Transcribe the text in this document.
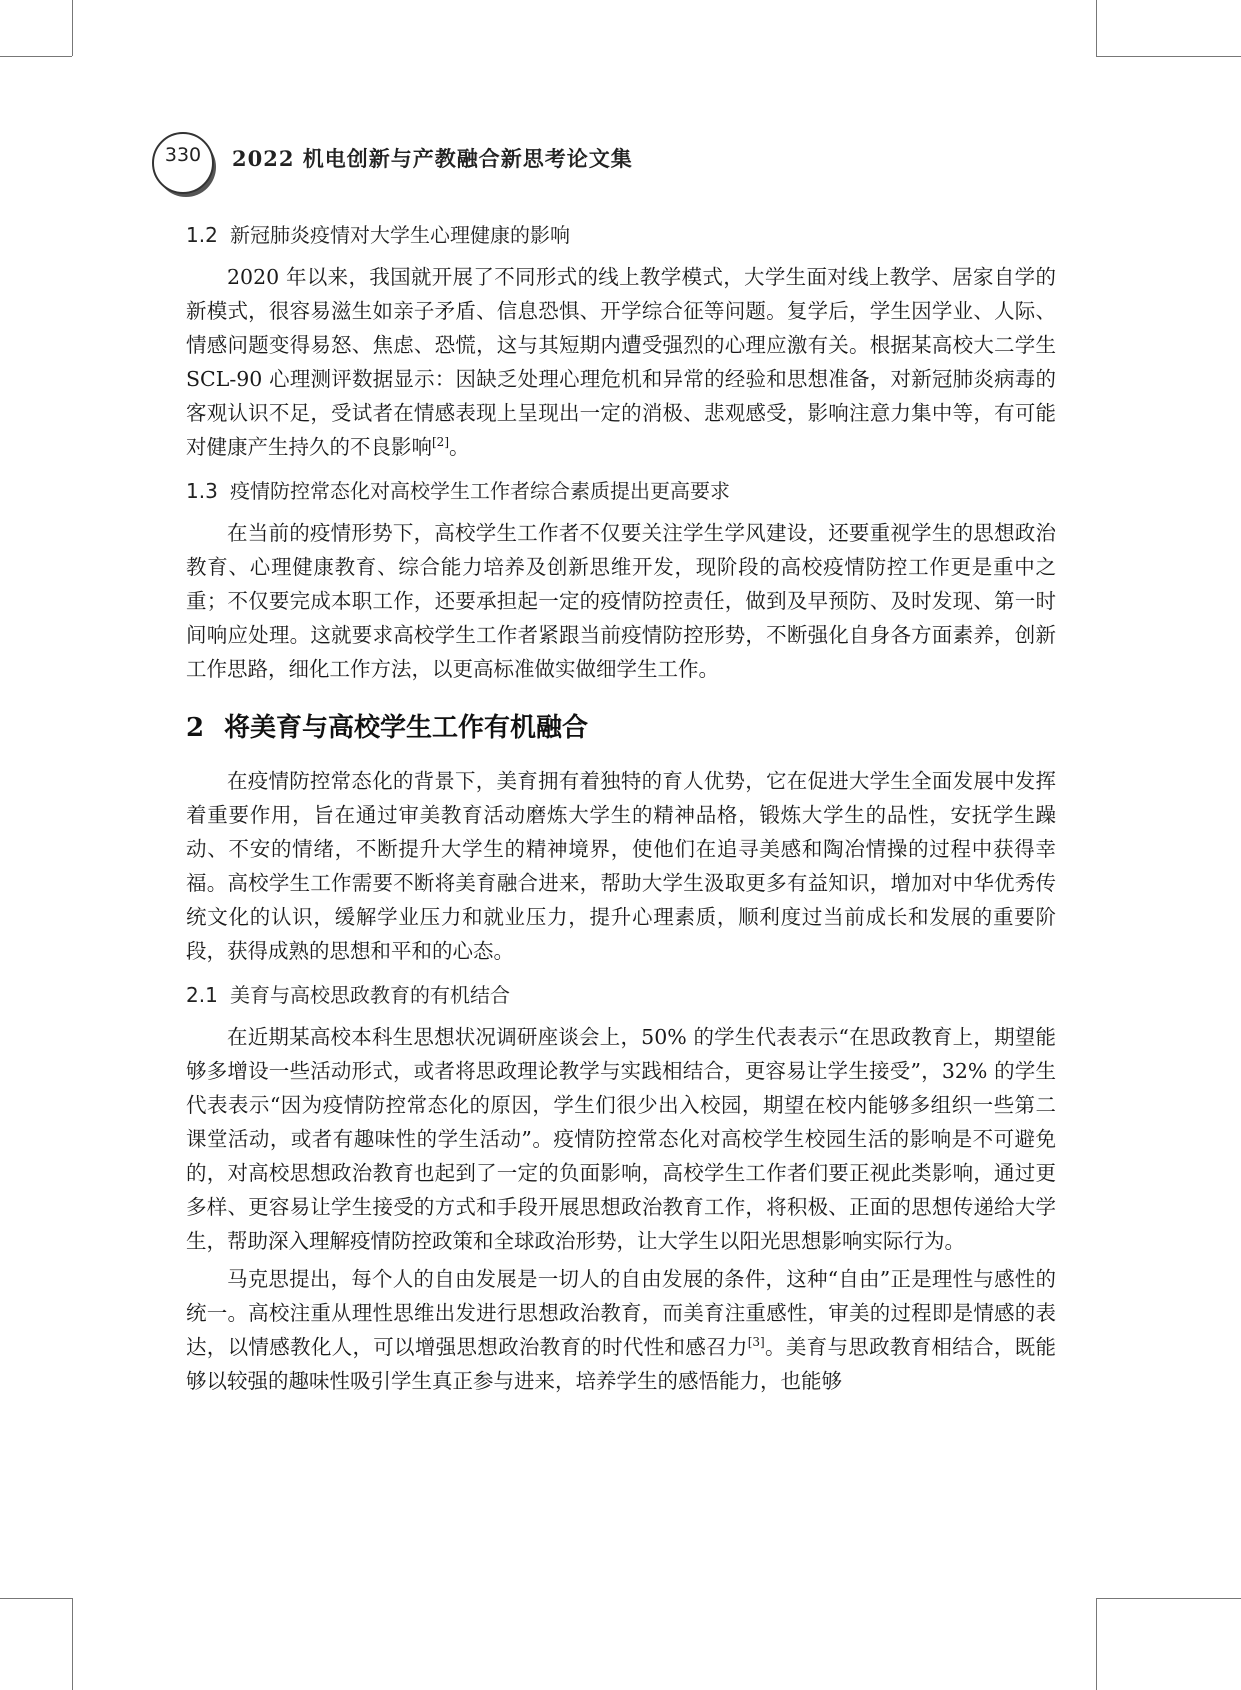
330 2022 机电创新与产教融合新思考论文集
1.2 新冠肺炎疫情对大学生心理健康的影响

2020 年以来，我国就开展了不同形式的线上教学模式，大学生面对线上教学、居家自学的新模式，很容易滋生如亲子矛盾、信息恐惧、开学综合征等问题。复学后，学生因学业、人际、情感问题变得易怒、焦虑、恐慌，这与其短期内遭受强烈的心理应激有关。根据某高校大二学生 SCL-90 心理测评数据显示：因缺乏处理心理危机和异常的经验和思想准备，对新冠肺炎病毒的客观认识不足，受试者在情感表现上呈现出一定的消极、悲观感受，影响注意力集中等，有可能对健康产生持久的不良影响[2]。

1.3 疫情防控常态化对高校学生工作者综合素质提出更高要求

在当前的疫情形势下，高校学生工作者不仅要关注学生学风建设，还要重视学生的思想政治教育、心理健康教育、综合能力培养及创新思维开发，现阶段的高校疫情防控工作更是重中之重；不仅要完成本职工作，还要承担起一定的疫情防控责任，做到及早预防、及时发现、第一时间响应处理。这就要求高校学生工作者紧跟当前疫情防控形势，不断强化自身各方面素养，创新工作思路，细化工作方法，以更高标准做实做细学生工作。

2 将美育与高校学生工作有机融合

在疫情防控常态化的背景下，美育拥有着独特的育人优势，它在促进大学生全面发展中发挥着重要作用，旨在通过审美教育活动磨炼大学生的精神品格，锻炼大学生的品性，安抚学生躁动、不安的情绪，不断提升大学生的精神境界，使他们在追寻美感和陶冶情操的过程中获得幸福。高校学生工作需要不断将美育融合进来，帮助大学生汲取更多有益知识，增加对中华优秀传统文化的认识，缓解学业压力和就业压力，提升心理素质，顺利度过当前成长和发展的重要阶段，获得成熟的思想和平和的心态。

2.1 美育与高校思政教育的有机结合

在近期某高校本科生思想状况调研座谈会上，50% 的学生代表表示“在思政教育上，期望能够多增设一些活动形式，或者将思政理论教学与实践相结合，更容易让学生接受”，32% 的学生代表表示“因为疫情防控常态化的原因，学生们很少出入校园，期望在校内能够多组织一些第二课堂活动，或者有趣味性的学生活动”。疫情防控常态化对高校学生校园生活的影响是不可避免的，对高校思想政治教育也起到了一定的负面影响，高校学生工作者们要正视此类影响，通过更多样、更容易让学生接受的方式和手段开展思想政治教育工作，将积极、正面的思想传递给大学生，帮助深入理解疫情防控政策和全球政治形势，让大学生以阳光思想影响实际行为。

马克思提出，每个人的自由发展是一切人的自由发展的条件，这种“自由”正是理性与感性的统一。高校注重从理性思维出发进行思想政治教育，而美育注重感性，审美的过程即是情感的表达，以情感教化人，可以增强思想政治教育的时代性和感召力[3]。美育与思政教育相结合，既能够以较强的趣味性吸引学生真正参与进来，培养学生的感悟能力，也能够
